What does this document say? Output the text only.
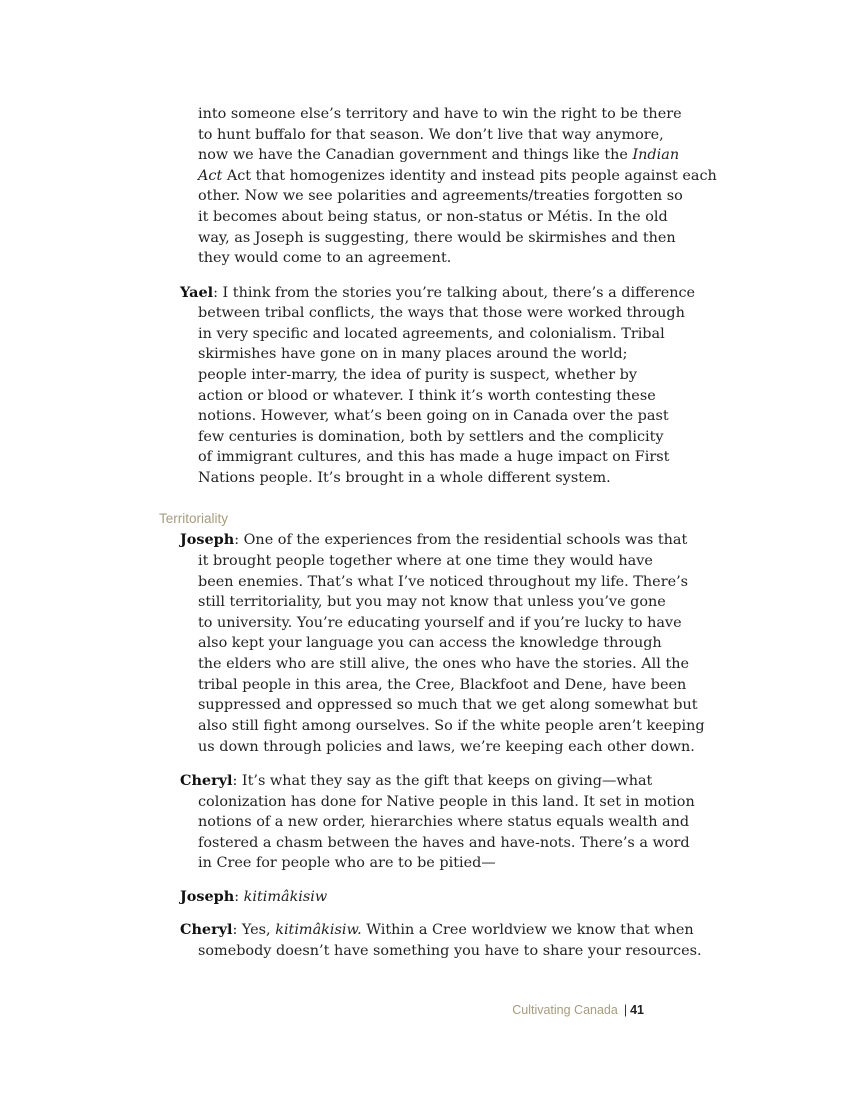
into someone else’s territory and have to win the right to be there
to hunt buffalo for that season. We don’t live that way anymore,
now we have the Canadian government and things like the Indian
Act Act that homogenizes identity and instead pits people against each
other. Now we see polarities and agreements/treaties forgotten so
it becomes about being status, or non-status or Métis. In the old
way, as Joseph is suggesting, there would be skirmishes and then
they would come to an agreement.
Yael: I think from the stories you’re talking about, there’s a difference
between tribal conflicts, the ways that those were worked through
in very specific and located agreements, and colonialism. Tribal
skirmishes have gone on in many places around the world;
people inter-marry, the idea of purity is suspect, whether by
action or blood or whatever. I think it’s worth contesting these
notions. However, what’s been going on in Canada over the past
few centuries is domination, both by settlers and the complicity
of immigrant cultures, and this has made a huge impact on First
Nations people. It’s brought in a whole different system.
Territoriality
Joseph: One of the experiences from the residential schools was that
it brought people together where at one time they would have
been enemies. That’s what I’ve noticed throughout my life. There’s
still territoriality, but you may not know that unless you’ve gone
to university. You’re educating yourself and if you’re lucky to have
also kept your language you can access the knowledge through
the elders who are still alive, the ones who have the stories. All the
tribal people in this area, the Cree, Blackfoot and Dene, have been
suppressed and oppressed so much that we get along somewhat but
also still fight among ourselves. So if the white people aren’t keeping
us down through policies and laws, we’re keeping each other down.
Cheryl: It’s what they say as the gift that keeps on giving—what
colonization has done for Native people in this land. It set in motion
notions of a new order, hierarchies where status equals wealth and
fostered a chasm between the haves and have-nots. There’s a word
in Cree for people who are to be pitied—
Joseph: kitimâkisiw
Cheryl: Yes, kitimâkisiw. Within a Cree worldview we know that when
somebody doesn’t have something you have to share your resources.
Cultivating Canada | 41
